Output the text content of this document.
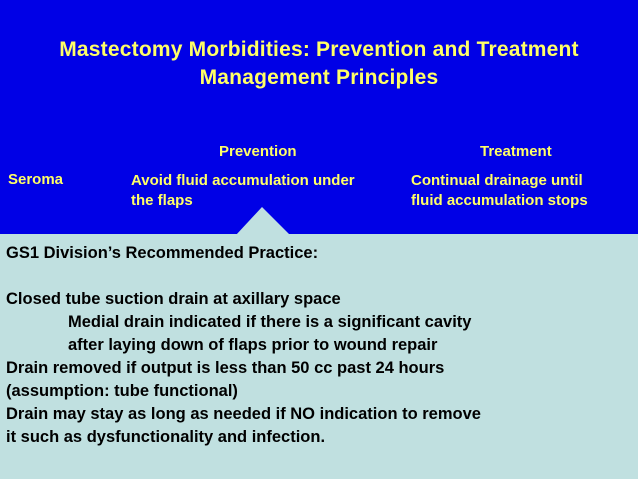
Mastectomy Morbidities: Prevention and Treatment
Management Principles
Prevention	Treatment
Seroma	Avoid fluid accumulation under
the flaps
Continual drainage until
fluid accumulation stops
GS1 Division’s Recommended Practice:
Closed tube suction drain at axillary space
Medial drain indicated if there is a significant cavity
after laying down of flaps prior to wound repair
Drain removed if output is less than 50 cc past 24 hours
(assumption: tube functional)
Drain may stay as long as needed if NO indication to remove
it such as dysfunctionality and infection.
